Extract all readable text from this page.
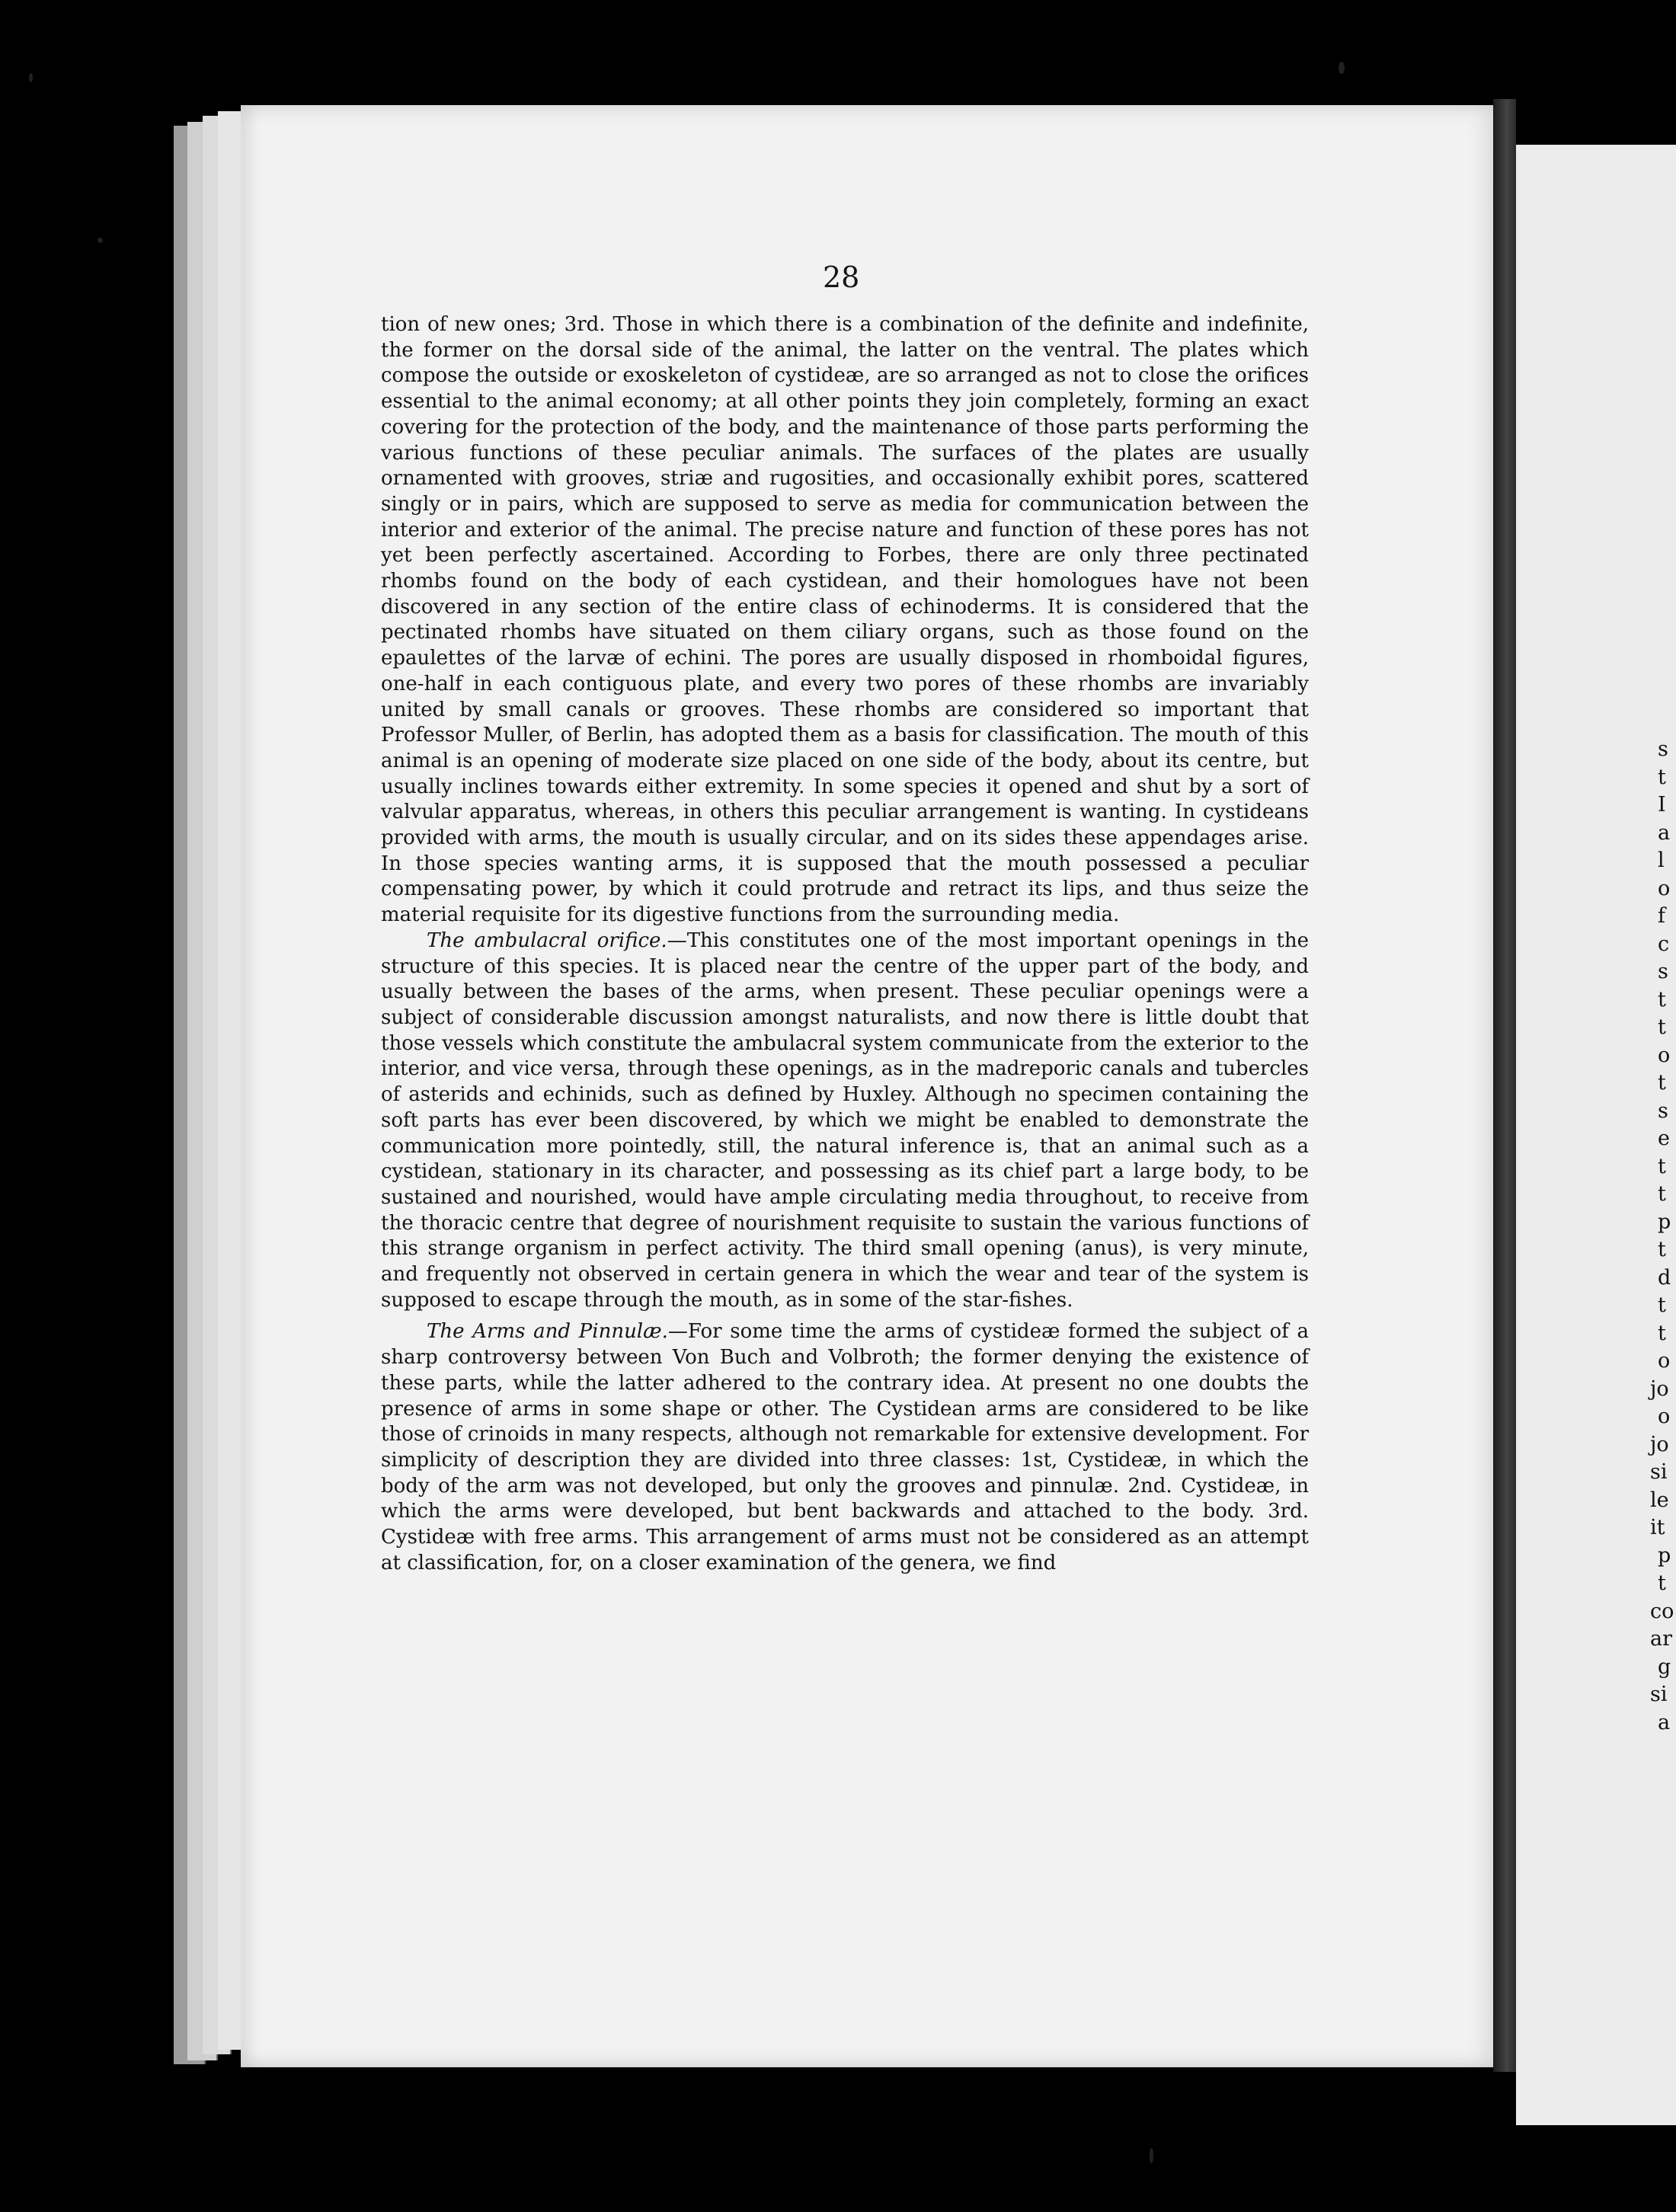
s
t
I
a
l
o
f
c
s
t
t
o
t
s
e
t
t
p
t
d
t
t
o
jo
o
jo
si
le
it
p
t
co
ar
g
si
a
28

tion of new ones; 3rd. Those in which there is a combination of the definite and indefinite, the former on the dorsal side of the animal, the latter on the ventral. The plates which compose the outside or exoskeleton of cystideæ, are so arranged as not to close the orifices essential to the animal economy; at all other points they join completely, forming an exact covering for the protection of the body, and the maintenance of those parts performing the various functions of these peculiar animals. The surfaces of the plates are usually ornamented with grooves, striæ and rugosities, and occasionally exhibit pores, scattered singly or in pairs, which are supposed to serve as media for communication between the interior and exterior of the animal. The precise nature and function of these pores has not yet been perfectly ascertained. According to Forbes, there are only three pectinated rhombs found on the body of each cystidean, and their homologues have not been discovered in any section of the entire class of echinoderms. It is considered that the pectinated rhombs have situated on them ciliary organs, such as those found on the epaulettes of the larvæ of echini. The pores are usually disposed in rhomboidal figures, one-half in each contiguous plate, and every two pores of these rhombs are invariably united by small canals or grooves. These rhombs are considered so important that Professor Muller, of Berlin, has adopted them as a basis for classification. The mouth of this animal is an opening of moderate size placed on one side of the body, about its centre, but usually inclines towards either extremity. In some species it opened and shut by a sort of valvular apparatus, whereas, in others this peculiar arrangement is wanting. In cystideans provided with arms, the mouth is usually circular, and on its sides these appendages arise. In those species wanting arms, it is supposed that the mouth possessed a peculiar compensating power, by which it could protrude and retract its lips, and thus seize the material requisite for its digestive functions from the surrounding media.

The ambulacral orifice.—This constitutes one of the most important openings in the structure of this species. It is placed near the centre of the upper part of the body, and usually between the bases of the arms, when present. These peculiar openings were a subject of considerable discussion amongst naturalists, and now there is little doubt that those vessels which constitute the ambulacral system communicate from the exterior to the interior, and vice versa, through these openings, as in the madreporic canals and tubercles of asterids and echinids, such as defined by Huxley. Although no specimen containing the soft parts has ever been discovered, by which we might be enabled to demonstrate the communication more pointedly, still, the natural inference is, that an animal such as a cystidean, stationary in its character, and possessing as its chief part a large body, to be sustained and nourished, would have ample circulating media throughout, to receive from the thoracic centre that degree of nourishment requisite to sustain the various functions of this strange organism in perfect activity. The third small opening (anus), is very minute, and frequently not observed in certain genera in which the wear and tear of the system is supposed to escape through the mouth, as in some of the star-fishes.

The Arms and Pinnulæ.—For some time the arms of cystideæ formed the subject of a sharp controversy between Von Buch and Volbroth; the former denying the existence of these parts, while the latter adhered to the contrary idea. At present no one doubts the presence of arms in some shape or other. The Cystidean arms are considered to be like those of crinoids in many respects, although not remarkable for extensive development. For simplicity of description they are divided into three classes: 1st, Cystideæ, in which the body of the arm was not developed, but only the grooves and pinnulæ. 2nd. Cystideæ, in which the arms were developed, but bent backwards and attached to the body. 3rd. Cystideæ with free arms. This arrangement of arms must not be considered as an attempt at classification, for, on a closer examination of the genera, we find
